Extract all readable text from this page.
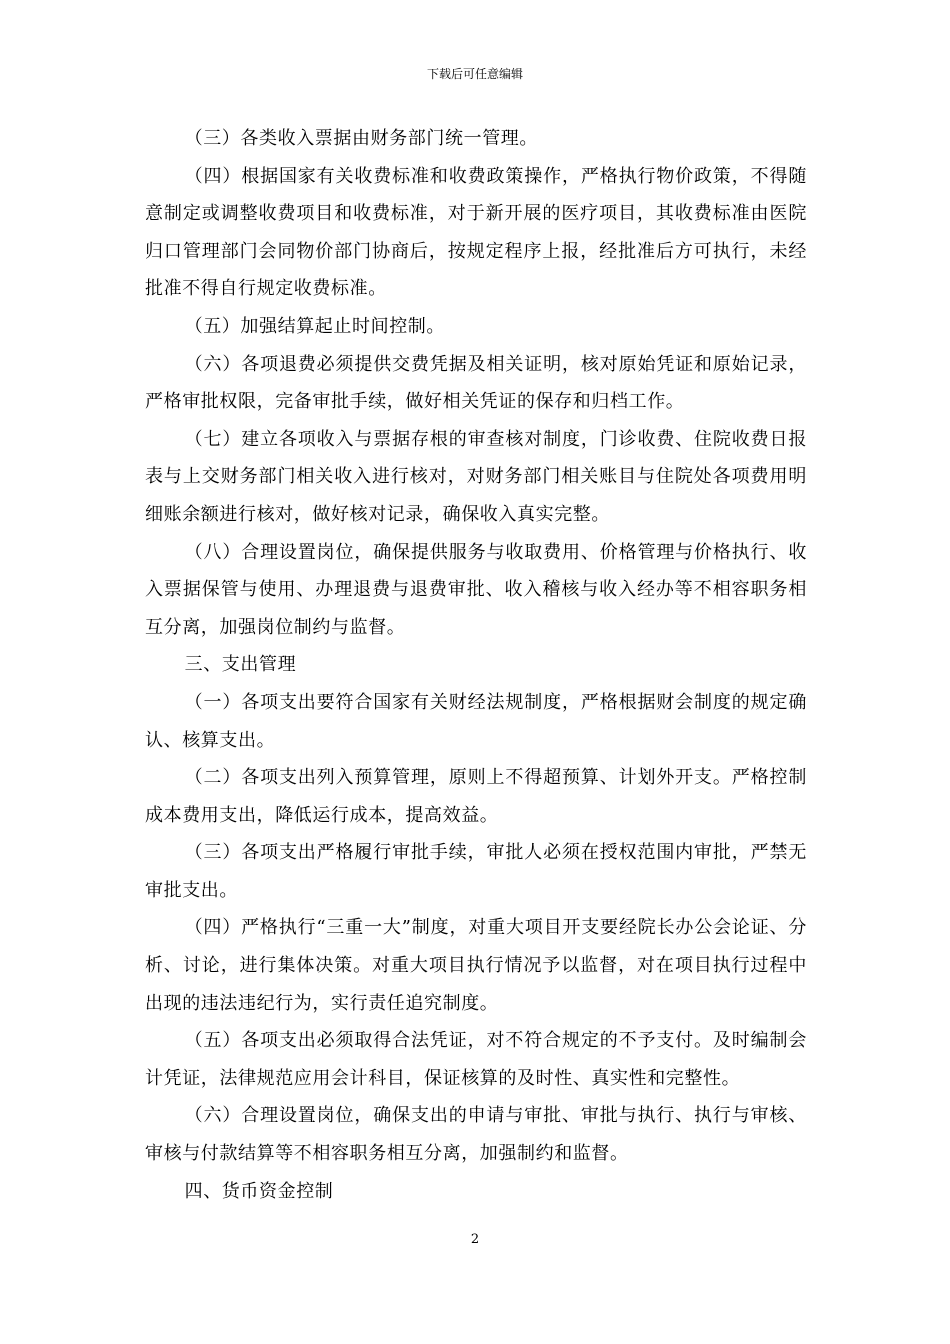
下载后可任意编辑

（三）各类收入票据由财务部门统一管理。

（四）根据国家有关收费标准和收费政策操作，严格执行物价政策，不得随意制定或调整收费项目和收费标准，对于新开展的医疗项目，其收费标准由医院归口管理部门会同物价部门协商后，按规定程序上报，经批准后方可执行，未经批准不得自行规定收费标准。

（五）加强结算起止时间控制。

（六）各项退费必须提供交费凭据及相关证明，核对原始凭证和原始记录，严格审批权限，完备审批手续，做好相关凭证的保存和归档工作。

（七）建立各项收入与票据存根的审查核对制度，门诊收费、住院收费日报表与上交财务部门相关收入进行核对，对财务部门相关账目与住院处各项费用明细账余额进行核对，做好核对记录，确保收入真实完整。

（八）合理设置岗位，确保提供服务与收取费用、价格管理与价格执行、收入票据保管与使用、办理退费与退费审批、收入稽核与收入经办等不相容职务相互分离，加强岗位制约与监督。

三、支出管理

（一）各项支出要符合国家有关财经法规制度，严格根据财会制度的规定确认、核算支出。

（二）各项支出列入预算管理，原则上不得超预算、计划外开支。严格控制成本费用支出，降低运行成本，提高效益。

（三）各项支出严格履行审批手续，审批人必须在授权范围内审批，严禁无审批支出。

（四）严格执行“三重一大”制度，对重大项目开支要经院长办公会论证、分析、讨论，进行集体决策。对重大项目执行情况予以监督，对在项目执行过程中出现的违法违纪行为，实行责任追究制度。

（五）各项支出必须取得合法凭证，对不符合规定的不予支付。及时编制会计凭证，法律规范应用会计科目，保证核算的及时性、真实性和完整性。

（六）合理设置岗位，确保支出的申请与审批、审批与执行、执行与审核、审核与付款结算等不相容职务相互分离，加强制约和监督。

四、货币资金控制

2
